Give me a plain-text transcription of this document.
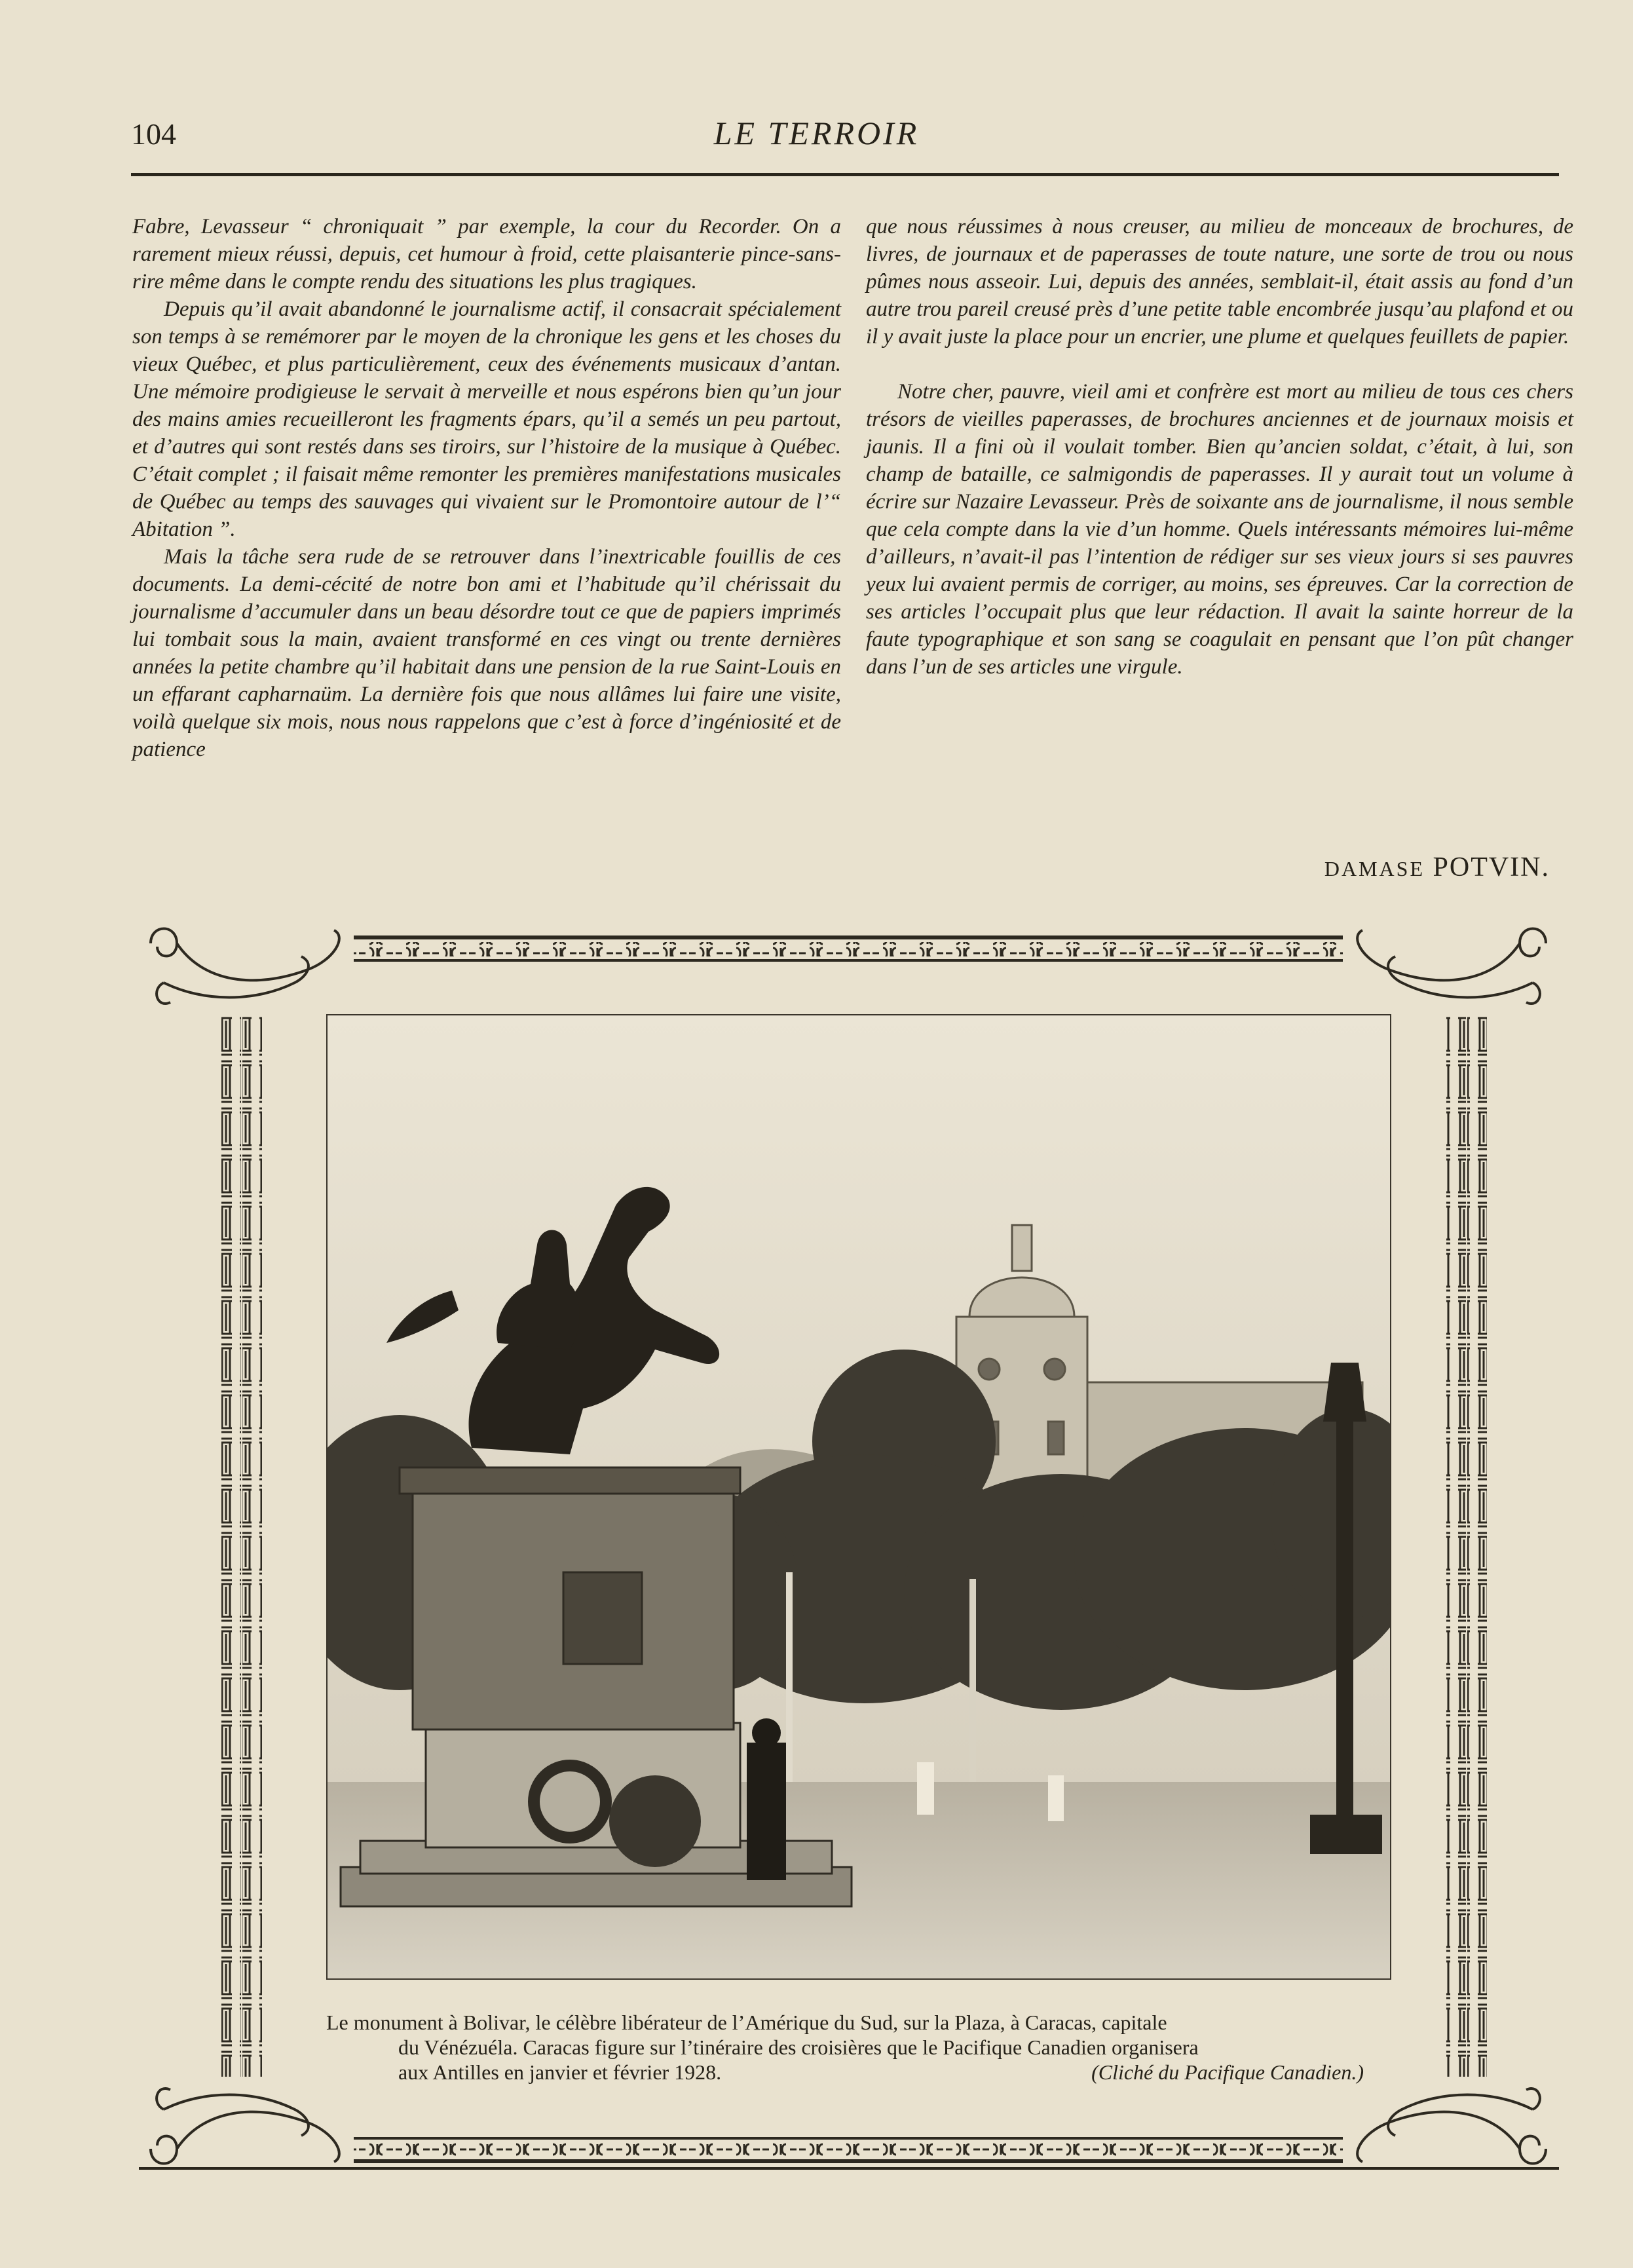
104	LE TERROIR

Fabre, Levasseur “ chroniquait ” par exemple, la cour du Recorder. On a rarement mieux réussi, depuis, cet humour à froid, cette plaisanterie pince-sans-rire même dans le compte rendu des situations les plus tragiques.

Depuis qu’il avait abandonné le journalisme actif, il consacrait spécialement son temps à se remémorer par le moyen de la chronique les gens et les choses du vieux Québec, et plus particulièrement, ceux des événements musicaux d’antan. Une mémoire prodigieuse le servait à merveille et nous espérons bien qu’un jour des mains amies recueilleront les fragments épars, qu’il a semés un peu partout, et d’autres qui sont restés dans ses tiroirs, sur l’histoire de la musique à Québec. C’était complet ; il faisait même remonter les premières manifestations musicales de Québec au temps des sauvages qui vivaient sur le Promontoire autour de l’“ Abitation ”.

Mais la tâche sera rude de se retrouver dans l’inextricable fouillis de ces documents. La demi-cécité de notre bon ami et l’habitude qu’il chérissait du journalisme d’accumuler dans un beau désordre tout ce que de papiers imprimés lui tombait sous la main, avaient transformé en ces vingt ou trente dernières années la petite chambre qu’il habitait dans une pension de la rue Saint-Louis en un effarant capharnaüm. La dernière fois que nous allâmes lui faire une visite, voilà quelque six mois, nous nous rappelons que c’est à force d’ingéniosité et de patience

que nous réussimes à nous creuser, au milieu de monceaux de brochures, de livres, de journaux et de paperasses de toute nature, une sorte de trou ou nous pûmes nous asseoir. Lui, depuis des années, semblait-il, était assis au fond d’un autre trou pareil creusé près d’une petite table encombrée jusqu’au plafond et ou il y avait juste la place pour un encrier, une plume et quelques feuillets de papier.

Notre cher, pauvre, vieil ami et confrère est mort au milieu de tous ces chers trésors de vieilles paperasses, de brochures anciennes et de journaux moisis et jaunis. Il a fini où il voulait tomber. Bien qu’ancien soldat, c’était, à lui, son champ de bataille, ce salmigondis de paperasses. Il y aurait tout un volume à écrire sur Nazaire Levasseur. Près de soixante ans de journalisme, il nous semble que cela compte dans la vie d’un homme. Quels intéressants mémoires lui-même d’ailleurs, n’avait-il pas l’intention de rédiger sur ses vieux jours si ses pauvres yeux lui avaient permis de corriger, au moins, ses épreuves. Car la correction de ses articles l’occupait plus que leur rédaction. Il avait la sainte horreur de la faute typographique et son sang se coagulait en pensant que l’on pût changer dans l’un de ses articles une virgule.

DAMASE POTVIN.
Le monument à Bolivar, le célèbre libérateur de l’Amérique du Sud, sur la Plaza, à Caracas, capitale
du Vénézuéla. Caracas figure sur l’tinéraire des croisières que le Pacifique Canadien organisera
aux Antilles en janvier et février 1928.	(Cliché du Pacifique Canadien.)
